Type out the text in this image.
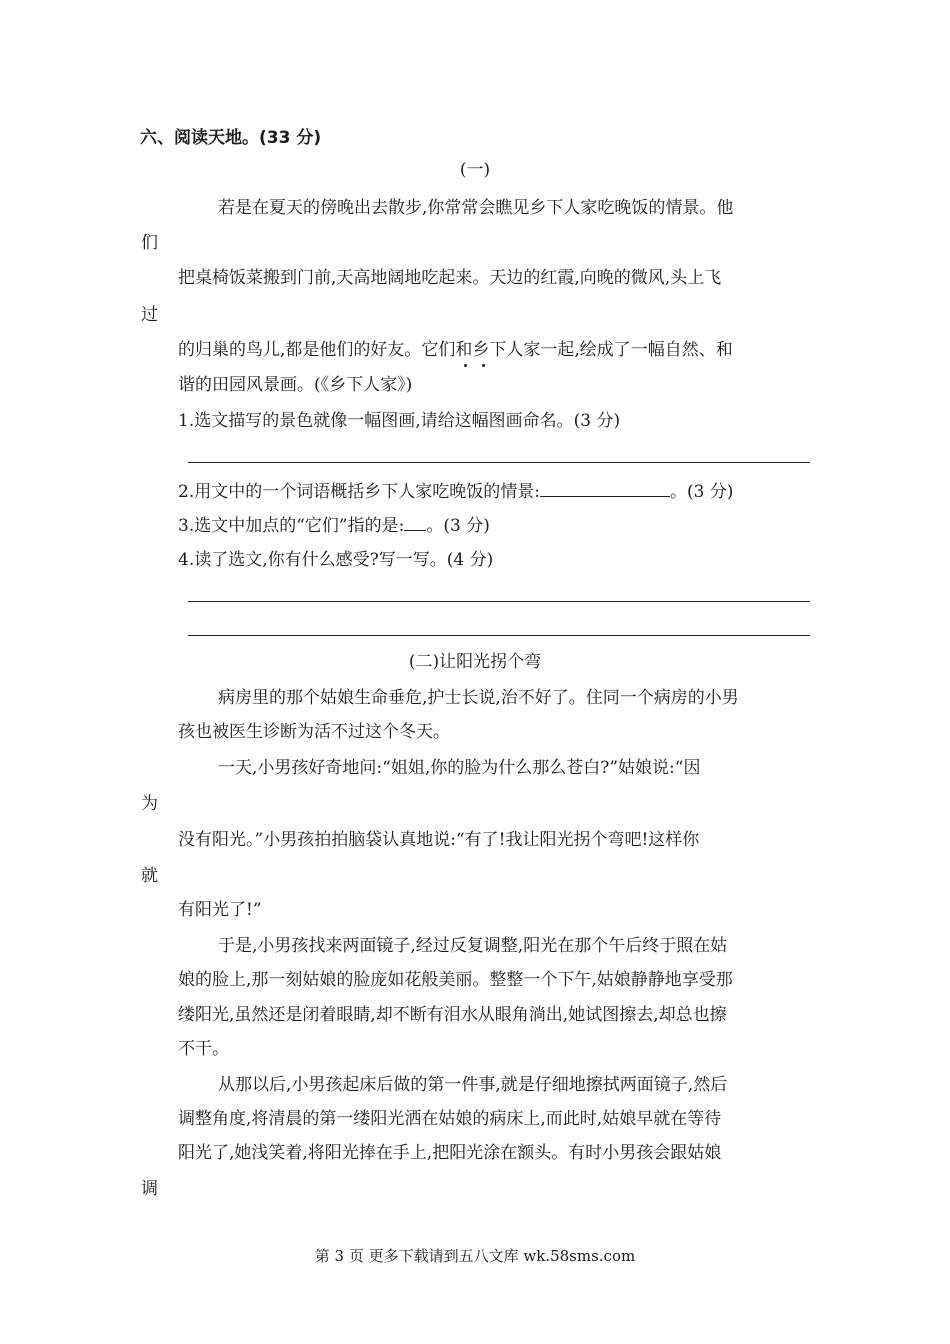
六、阅读天地。(33 分)
(一)
若是在夏天的傍晚出去散步,你常常会瞧见乡下人家吃晚饭的情景。他
们
把桌椅饭菜搬到门前,天高地阔地吃起来。天边的红霞,向晚的微风,头上飞
过
的归巢的鸟儿,都是他们的好友。它们和乡下人家一起,绘成了一幅自然、和
谐的田园风景画。(《乡下人家》)
1.选文描写的景色就像一幅图画,请给这幅图画命名。(3 分)
2.用文中的一个词语概括乡下人家吃晚饭的情景:	。(3 分)
3.选文中加点的“它们”指的是: 。(3 分)
4.读了选文,你有什么感受?写一写。(4 分)
(二)让阳光拐个弯
病房里的那个姑娘生命垂危,护士长说,治不好了。住同一个病房的小男
孩也被医生诊断为活不过这个冬天。
一天,小男孩好奇地问:“姐姐,你的脸为什么那么苍白?”姑娘说:“因
为
没有阳光。”小男孩拍拍脑袋认真地说:“有了!我让阳光拐个弯吧!这样你
就
有阳光了!”
于是,小男孩找来两面镜子,经过反复调整,阳光在那个午后终于照在姑
娘的脸上,那一刻姑娘的脸庞如花般美丽。整整一个下午,姑娘静静地享受那
缕阳光,虽然还是闭着眼睛,却不断有泪水从眼角淌出,她试图擦去,却总也擦
不干。
从那以后,小男孩起床后做的第一件事,就是仔细地擦拭两面镜子,然后
调整角度,将清晨的第一缕阳光洒在姑娘的病床上,而此时,姑娘早就在等待
阳光了,她浅笑着,将阳光捧在手上,把阳光涂在额头。有时小男孩会跟姑娘
调
第 3 页 更多下载请到五八文库 wk.58sms.com
